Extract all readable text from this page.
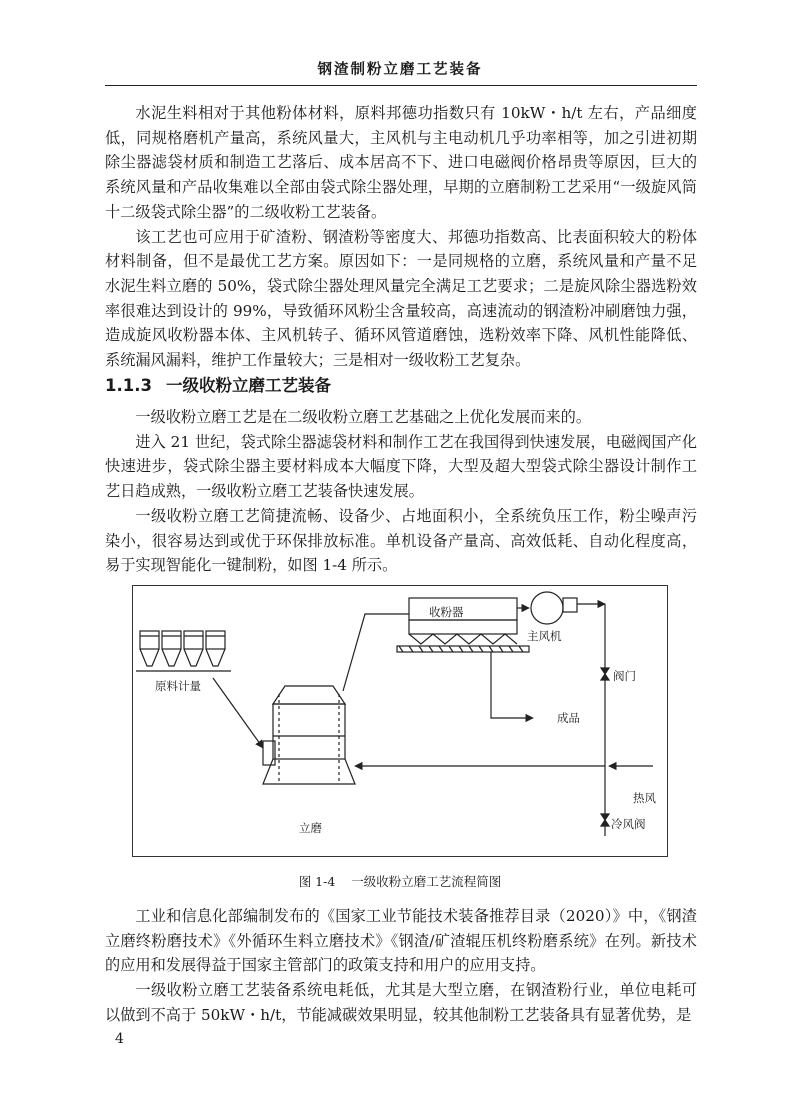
钢渣制粉立磨工艺装备

水泥生料相对于其他粉体材料，原料邦德功指数只有 10kW・h/t 左右，产品细度低，同规格磨机产量高，系统风量大，主风机与主电动机几乎功率相等，加之引进初期除尘器滤袋材质和制造工艺落后、成本居高不下、进口电磁阀价格昂贵等原因，巨大的系统风量和产品收集难以全部由袋式除尘器处理，早期的立磨制粉工艺采用“一级旋风筒十二级袋式除尘器”的二级收粉工艺装备。

该工艺也可应用于矿渣粉、钢渣粉等密度大、邦德功指数高、比表面积较大的粉体材料制备，但不是最优工艺方案。原因如下：一是同规格的立磨，系统风量和产量不足水泥生料立磨的 50%，袋式除尘器处理风量完全满足工艺要求；二是旋风除尘器选粉效率很难达到设计的 99%，导致循环风粉尘含量较高，高速流动的钢渣粉冲刷磨蚀力强，造成旋风收粉器本体、主风机转子、循环风管道磨蚀，选粉效率下降、风机性能降低、系统漏风漏料，维护工作量较大；三是相对一级收粉工艺复杂。

1.1.3 一级收粉立磨工艺装备

一级收粉立磨工艺是在二级收粉立磨工艺基础之上优化发展而来的。

进入 21 世纪，袋式除尘器滤袋材料和制作工艺在我国得到快速发展，电磁阀国产化快速进步，袋式除尘器主要材料成本大幅度下降，大型及超大型袋式除尘器设计制作工艺日趋成熟，一级收粉立磨工艺装备快速发展。

一级收粉立磨工艺简捷流畅、设备少、占地面积小，全系统负压工作，粉尘噪声污染小，很容易达到或优于环保排放标准。单机设备产量高、高效低耗、自动化程度高，易于实现智能化一键制粉，如图 1-4 所示。

收粉器
主风机
原料计量
阀门
成品
热风
立磨	冷风阀
图 1-4 一级收粉立磨工艺流程简图

工业和信息化部编制发布的《国家工业节能技术装备推荐目录（2020）》中，《钢渣立磨终粉磨技术》《外循环生料立磨技术》《钢渣/矿渣辊压机终粉磨系统》在列。新技术的应用和发展得益于国家主管部门的政策支持和用户的应用支持。

一级收粉立磨工艺装备系统电耗低，尤其是大型立磨，在钢渣粉行业，单位电耗可以做到不高于 50kW・h/t，节能减碳效果明显，较其他制粉工艺装备具有显著优势，是

4
